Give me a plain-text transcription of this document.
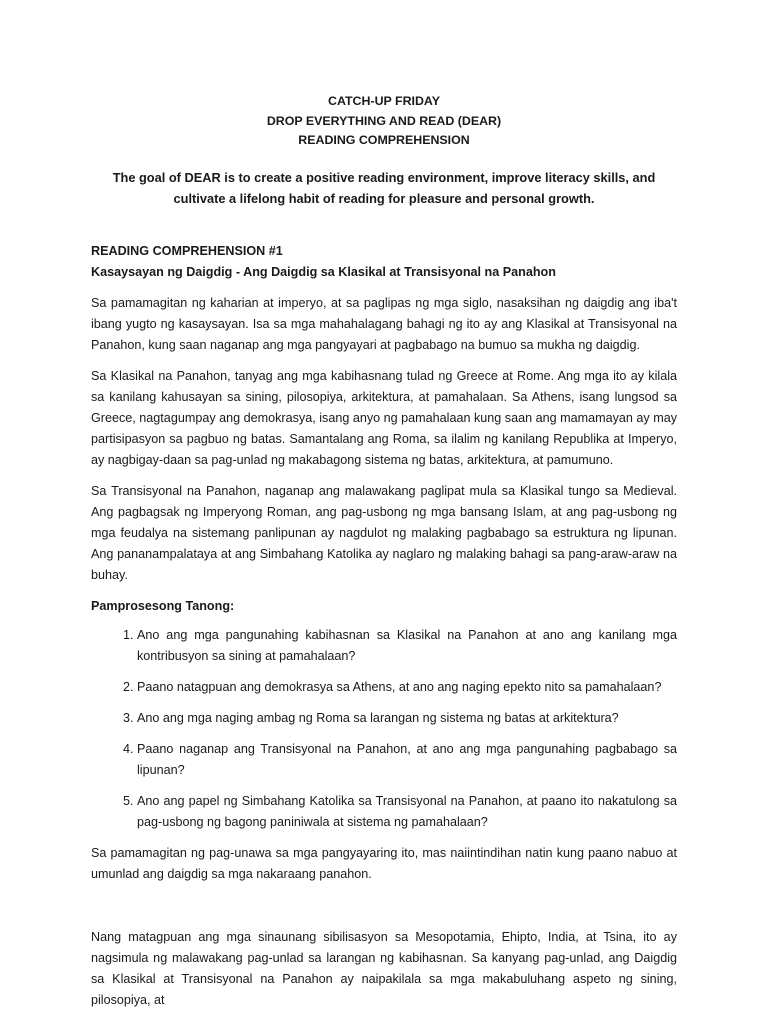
CATCH-UP FRIDAY
DROP EVERYTHING AND READ (DEAR)
READING COMPREHENSION
The goal of DEAR is to create a positive reading environment, improve literacy skills, and cultivate a lifelong habit of reading for pleasure and personal growth.
READING COMPREHENSION #1
Kasaysayan ng Daigdig - Ang Daigdig sa Klasikal at Transisyonal na Panahon

Sa pamamagitan ng kaharian at imperyo, at sa paglipas ng mga siglo, nasaksihan ng daigdig ang iba't ibang yugto ng kasaysayan. Isa sa mga mahahalagang bahagi ng ito ay ang Klasikal at Transisyonal na Panahon, kung saan naganap ang mga pangyayari at pagbabago na bumuo sa mukha ng daigdig.

Sa Klasikal na Panahon, tanyag ang mga kabihasnang tulad ng Greece at Rome. Ang mga ito ay kilala sa kanilang kahusayan sa sining, pilosopiya, arkitektura, at pamahalaan. Sa Athens, isang lungsod sa Greece, nagtagumpay ang demokrasya, isang anyo ng pamahalaan kung saan ang mamamayan ay may partisipasyon sa pagbuo ng batas. Samantalang ang Roma, sa ilalim ng kanilang Republika at Imperyo, ay nagbigay-daan sa pag-unlad ng makabagong sistema ng batas, arkitektura, at pamumuno.

Sa Transisyonal na Panahon, naganap ang malawakang paglipat mula sa Klasikal tungo sa Medieval. Ang pagbagsak ng Imperyong Roman, ang pag-usbong ng mga bansang Islam, at ang pag-usbong ng mga feudalya na sistemang panlipunan ay nagdulot ng malaking pagbabago sa estruktura ng lipunan. Ang pananampalataya at ang Simbahang Katolika ay naglaro ng malaking bahagi sa pang-araw-araw na buhay.

Pamprosesong Tanong:
1. Ano ang mga pangunahing kabihasnan sa Klasikal na Panahon at ano ang kanilang mga kontribusyon sa sining at pamahalaan?
2. Paano natagpuan ang demokrasya sa Athens, at ano ang naging epekto nito sa pamahalaan?
3. Ano ang mga naging ambag ng Roma sa larangan ng sistema ng batas at arkitektura?
4. Paano naganap ang Transisyonal na Panahon, at ano ang mga pangunahing pagbabago sa lipunan?
5. Ano ang papel ng Simbahang Katolika sa Transisyonal na Panahon, at paano ito nakatulong sa pag-usbong ng bagong paniniwala at sistema ng pamahalaan?

Sa pamamagitan ng pag-unawa sa mga pangyayaring ito, mas naiintindihan natin kung paano nabuo at umunlad ang daigdig sa mga nakaraang panahon.

Nang matagpuan ang mga sinaunang sibilisasyon sa Mesopotamia, Ehipto, India, at Tsina, ito ay nagsimula ng malawakang pag-unlad sa larangan ng kabihasnan. Sa kanyang pag-unlad, ang Daigdig sa Klasikal at Transisyonal na Panahon ay naipakilala sa mga makabuluhang aspeto ng sining, pilosopiya, at
